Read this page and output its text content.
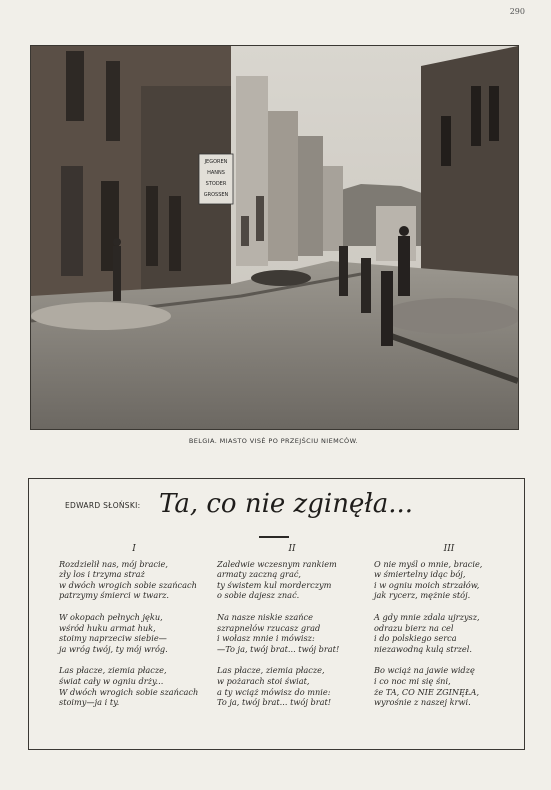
290
JEGOREN
HANNS
STODER
GROSSEN
BELGIA. MIASTO VISÉ PO PRZEJŚCIU NIEMCÓW.
EDWARD SŁOŃSKI: Ta, co nie zginęła...
I
Rozdzielił nas, mój bracie,
zły los i trzyma straż
w dwóch wrogich sobie szańcach
patrzymy śmierci w twarz.
W okopach pełnych jęku,
wśród huku armat huk,
stoimy naprzeciw siebie—
ja wróg twój, ty mój wróg.
Las płacze, ziemia płacze,
świat cały w ogniu drży...
W dwóch wrogich sobie szańcach
stoimy—ja i ty.
II
Zaledwie wczesnym rankiem
armaty zaczną grać,
ty świstem kul morderczym
o sobie dajesz znać.
Na nasze niskie szańce
szrapnelów rzucasz grad
i wołasz mnie i mówisz:
—To ja, twój brat... twój brat!
Las płacze, ziemia płacze,
w pożarach stoi świat,
a ty wciąż mówisz do mnie:
To ja, twój brat... twój brat!
III
O nie myśl o mnie, bracie,
w śmiertelny idąc bój,
i w ogniu moich strzałów,
jak rycerz, mężnie stój.
A gdy mnie zdala ujrzysz,
odrazu bierz na cel
i do polskiego serca
niezawodną kulą strzel.
Bo wciąż na jawie widzę
i co noc mi się śni,
że TA, CO NIE ZGINĘŁA,
wyrośnie z naszej krwi.
